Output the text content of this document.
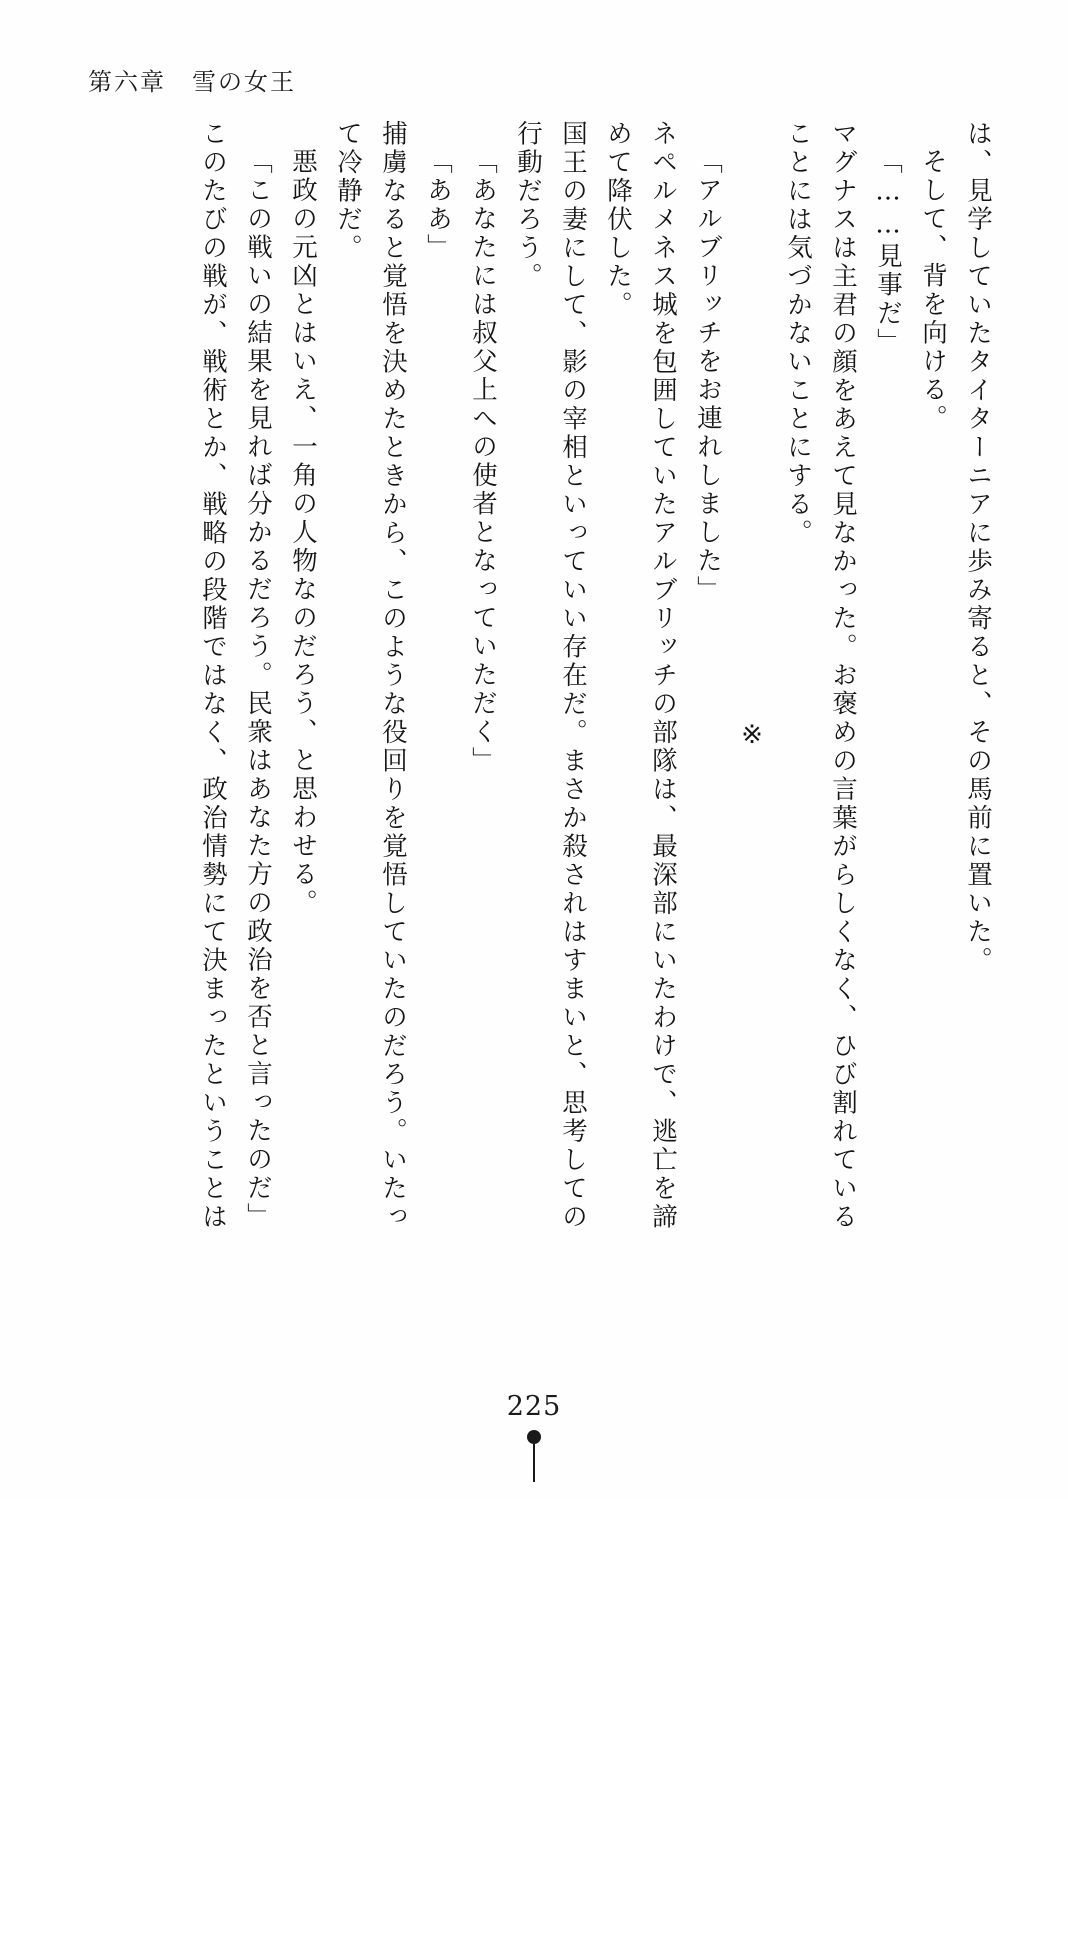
第六章　雪の女王
は、見学していたタイターニアに歩み寄ると、その馬前に置いた。
そして、背を向ける。
「……見事だ」
マグナスは主君の顔をあえて見なかった。お褒めの言葉がらしくなく、ひび割れている
ことには気づかないことにする。
※
「アルブリッチをお連れしました」
ネペルメネス城を包囲していたアルブリッチの部隊は、最深部にいたわけで、逃亡を諦
めて降伏した。
国王の妻にして、影の宰相といっていい存在だ。まさか殺されはすまいと、思考しての
行動だろう。
「あなたには叔父上への使者となっていただく」
「ああ」
捕虜なると覚悟を決めたときから、このような役回りを覚悟していたのだろう。いたっ
て冷静だ。
悪政の元凶とはいえ、一角の人物なのだろう、と思わせる。
「この戦いの結果を見れば分かるだろう。民衆はあなた方の政治を否と言ったのだ」
このたびの戦が、戦術とか、戦略の段階ではなく、政治情勢にて決まったということは
225
